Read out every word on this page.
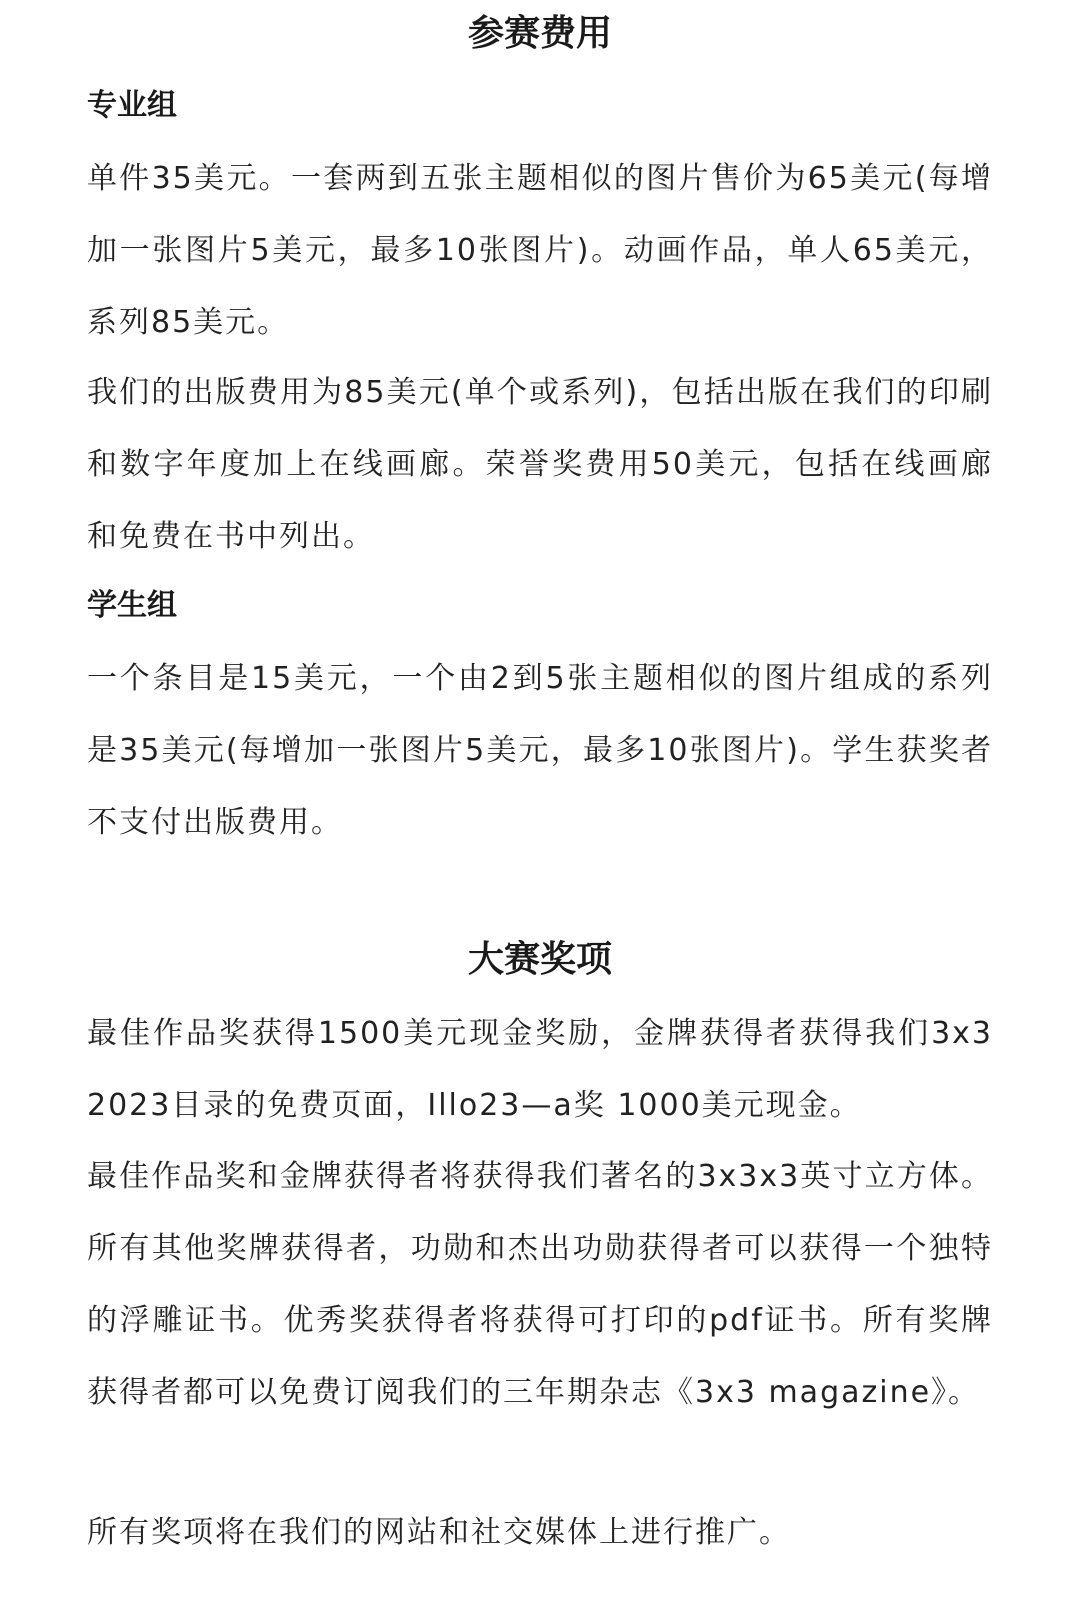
参赛费用
专业组

单件35美元。一套两到五张主题相似的图片售价为65美元(每增加一张图片5美元，最多10张图片)。动画作品，单人65美元，系列85美元。

我们的出版费用为85美元(单个或系列)，包括出版在我们的印刷和数字年度加上在线画廊。荣誉奖费用50美元，包括在线画廊和免费在书中列出。

学生组

一个条目是15美元，一个由2到5张主题相似的图片组成的系列是35美元(每增加一张图片5美元，最多10张图片)。学生获奖者不支付出版费用。

大赛奖项

最佳作品奖获得1500美元现金奖励，金牌获得者获得我们3x3 2023目录的免费页面，Illo23—a奖 1000美元现金。

最佳作品奖和金牌获得者将获得我们著名的3x3x3英寸立方体。所有其他奖牌获得者，功勋和杰出功勋获得者可以获得一个独特的浮雕证书。优秀奖获得者将获得可打印的pdf证书。所有奖牌获得者都可以免费订阅我们的三年期杂志《3x3 magazine》。

所有奖项将在我们的网站和社交媒体上进行推广。
